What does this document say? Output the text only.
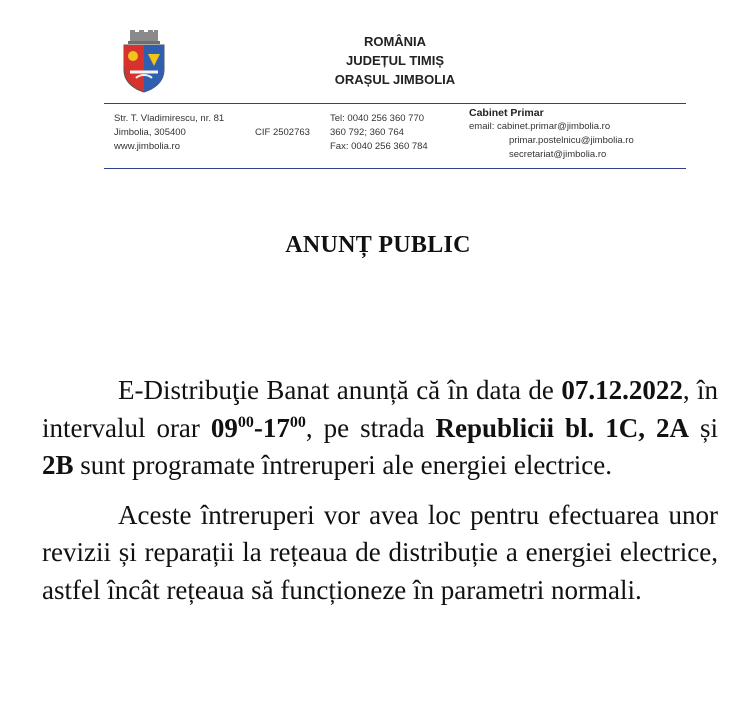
ROMÂNIA
JUDEȚUL TIMIȘ
ORAȘUL JIMBOLIA
Str. T. Vladimirescu, nr. 81
Jimbolia, 305400
www.jimbolia.ro
CIF 2502763
Tel: 0040 256 360 770
360 792; 360 764
Fax: 0040 256 360 784
Cabinet Primar
email: cabinet.primar@jimbolia.ro
primar.postelnicu@jimbolia.ro
secretariat@jimbolia.ro
ANUNȚ PUBLIC

E-Distribuţie Banat anunță că în data de 07.12.2022, în intervalul orar $09^{00}-17^{00}$, pe strada Republicii bl. 1C, 2A și 2B sunt programate întreruperi ale energiei electrice.

Aceste întreruperi vor avea loc pentru efectuarea unor revizii și reparații la rețeaua de distribuție a energiei electrice, astfel încât rețeaua să funcționeze în parametri normali.
